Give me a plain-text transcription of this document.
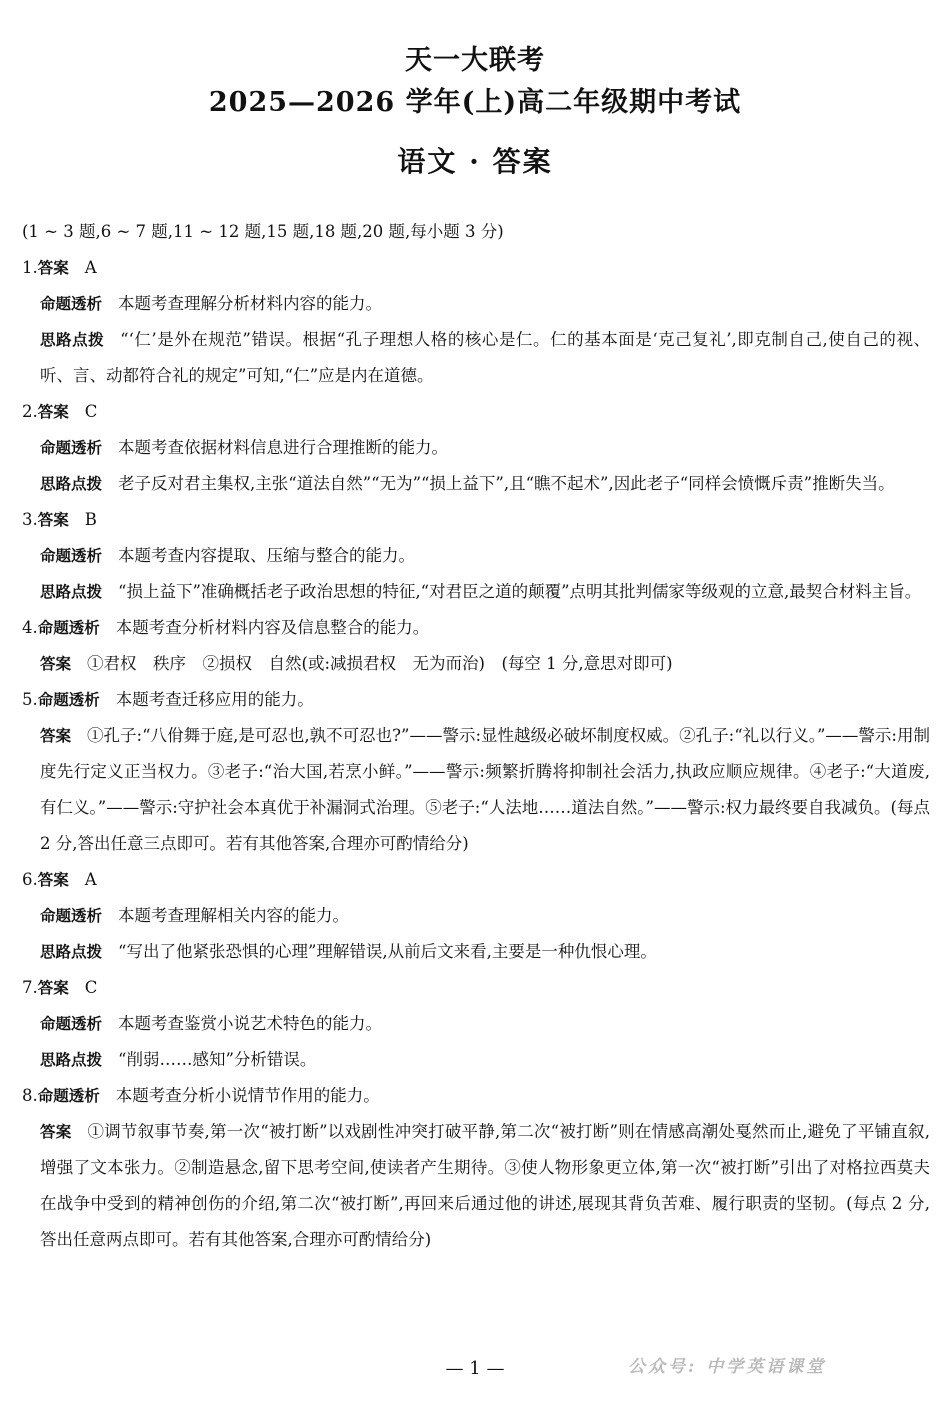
天一大联考
2025—2026 学年(上)高二年级期中考试
语文 · 答案
(1 ~ 3 题,6 ~ 7 题,11 ~ 12 题,15 题,18 题,20 题,每小题 3 分)
1.答案 A
命题透析 本题考查理解分析材料内容的能力。
思路点拨 “‘仁’是外在规范”错误。根据“孔子理想人格的核心是仁。仁的基本面是‘克己复礼’,即克制自己,使自己的视、听、言、动都符合礼的规定”可知,“仁”应是内在道德。
2.答案 C
命题透析 本题考查依据材料信息进行合理推断的能力。
思路点拨 老子反对君主集权,主张“道法自然”“无为”“损上益下”,且“瞧不起术”,因此老子“同样会愤慨斥责”推断失当。
3.答案 B
命题透析 本题考查内容提取、压缩与整合的能力。
思路点拨 “损上益下”准确概括老子政治思想的特征,“对君臣之道的颠覆”点明其批判儒家等级观的立意,最契合材料主旨。
4.命题透析 本题考查分析材料内容及信息整合的能力。
答案 ①君权　秩序　②损权　自然(或:减损君权　无为而治)　(每空 1 分,意思对即可)
5.命题透析 本题考查迁移应用的能力。
答案 ①孔子:“八佾舞于庭,是可忍也,孰不可忍也?”——警示:显性越级必破坏制度权威。②孔子:“礼以行义。”——警示:用制度先行定义正当权力。③老子:“治大国,若烹小鲜。”——警示:频繁折腾将抑制社会活力,执政应顺应规律。④老子:“大道废,有仁义。”——警示:守护社会本真优于补漏洞式治理。⑤老子:“人法地……道法自然。”——警示:权力最终要自我减负。(每点 2 分,答出任意三点即可。若有其他答案,合理亦可酌情给分)
6.答案 A
命题透析 本题考查理解相关内容的能力。
思路点拨 “写出了他紧张恐惧的心理”理解错误,从前后文来看,主要是一种仇恨心理。
7.答案 C
命题透析 本题考查鉴赏小说艺术特色的能力。
思路点拨 “削弱……感知”分析错误。
8.命题透析 本题考查分析小说情节作用的能力。
答案 ①调节叙事节奏,第一次“被打断”以戏剧性冲突打破平静,第二次“被打断”则在情感高潮处戛然而止,避免了平铺直叙,增强了文本张力。②制造悬念,留下思考空间,使读者产生期待。③使人物形象更立体,第一次“被打断”引出了对格拉西莫夫在战争中受到的精神创伤的介绍,第二次“被打断”,再回来后通过他的讲述,展现其背负苦难、履行职责的坚韧。(每点 2 分,答出任意两点即可。若有其他答案,合理亦可酌情给分)
— 1 —	公众号: 中学英语课堂
